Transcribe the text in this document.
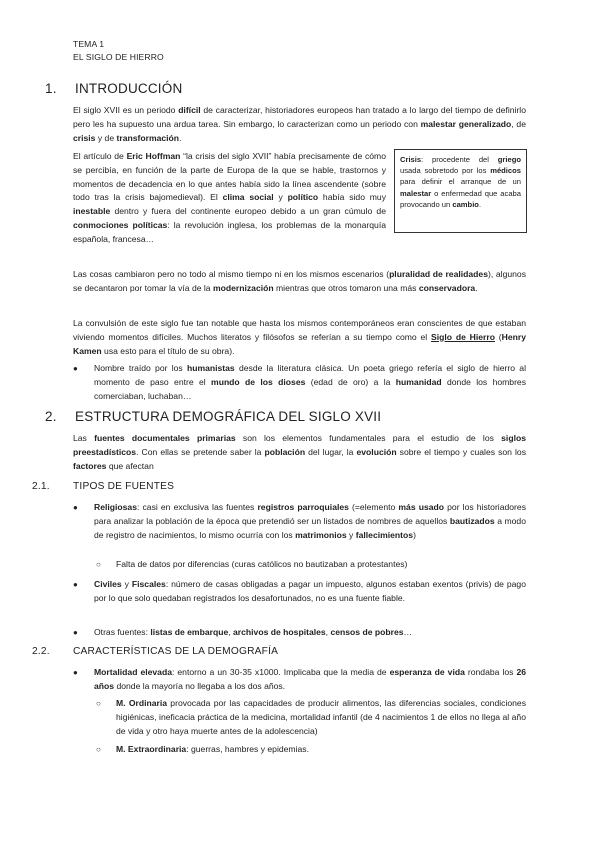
TEMA 1
EL SIGLO DE HIERRO
1. INTRODUCCIÓN
El siglo XVII es un periodo difícil de caracterizar, historiadores europeos han tratado a lo largo del tiempo de definirlo pero les ha supuesto una ardua tarea. Sin embargo, lo caracterizan como un periodo con malestar generalizado, de crisis y de transformación.
El artículo de Eric Hoffman “la crisis del siglo XVII” había precisamente de cómo se percibía, en función de la parte de Europa de la que se hable, trastornos y momentos de decadencia en lo que antes había sido la línea ascendente (sobre todo tras la crisis bajomedieval). El clima social y político había sido muy inestable dentro y fuera del continente europeo debido a un gran cúmulo de conmociones políticas: la revolución inglesa, los problemas de la monarquía española, francesa…
Crisis: procedente del griego usada sobretodo por los médicos para definir el arranque de un malestar o enfermedad que acaba provocando un cambio.
Las cosas cambiaron pero no todo al mismo tiempo ni en los mismos escenarios (pluralidad de realidades), algunos se decantaron por tomar la vía de la modernización mientras que otros tomaron una más conservadora.
La convulsión de este siglo fue tan notable que hasta los mismos contemporáneos eran conscientes de que estaban viviendo momentos difíciles. Muchos literatos y filósofos se referían a su tiempo como el Siglo de Hierro (Henry Kamen usa esto para el título de su obra).
● Nombre traído por los humanistas desde la literatura clásica. Un poeta griego refería el siglo de hierro al momento de paso entre el mundo de los dioses (edad de oro) a la humanidad donde los hombres comerciaban, luchaban…
2. ESTRUCTURA DEMOGRÁFICA DEL SIGLO XVII
Las fuentes documentales primarias son los elementos fundamentales para el estudio de los siglos preestadísticos. Con ellas se pretende saber la población del lugar, la evolución sobre el tiempo y cuales son los factores que afectan
2.1. TIPOS DE FUENTES
● Religiosas: casi en exclusiva las fuentes registros parroquiales (=elemento más usado por los historiadores para analizar la población de la época que pretendió ser un listados de nombres de aquellos bautizados a modo de registro de nacimientos, lo mismo ocurría con los matrimonios y fallecimientos)
○ Falta de datos por diferencias (curas católicos no bautizaban a protestantes)
● Civiles y Fiscales: número de casas obligadas a pagar un impuesto, algunos estaban exentos (privis) de pago por lo que solo quedaban registrados los desafortunados, no es una fuente fiable.
● Otras fuentes: listas de embarque, archivos de hospitales, censos de pobres…
2.2. CARACTERÍSTICAS DE LA DEMOGRAFÍA
● Mortalidad elevada: entorno a un 30-35 x1000. Implicaba que la media de esperanza de vida rondaba los 26 años donde la mayoría no llegaba a los dos años.
○ M. Ordinaria provocada por las capacidades de producir alimentos, las diferencias sociales, condiciones higiénicas, ineficacia práctica de la medicina, mortalidad infantil (de 4 nacimientos 1 de ellos no llega al año de vida y otro haya muerte antes de la adolescencia)
○ M. Extraordinaria: guerras, hambres y epidemias.
